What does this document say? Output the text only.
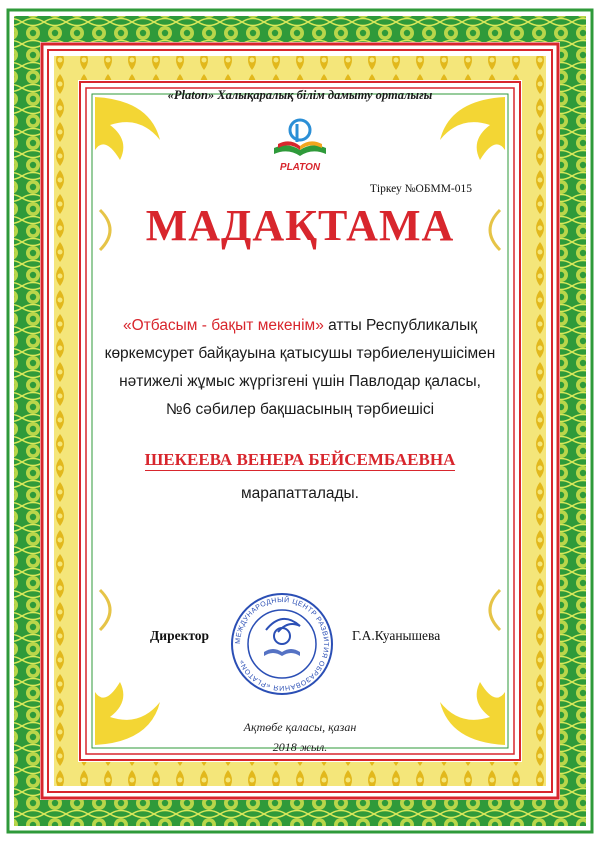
«Platon» Халықаралық білім дамыту орталығы
PLATON
Тіркеу №ОБММ-015
МАДАҚТАМА
«Отбасым - бақыт мекенім» атты Республикалық
көркемсурет байқауына қатысушы тәрбиеленушісімен
нәтижелі жұмыс жүргізгені үшін Павлодар қаласы,
№6 сәбилер бақшасының тәрбиешісі
ШЕКЕЕВА ВЕНЕРА БЕЙСЕМБАЕВНА
марапатталады.
Директор	Г.А.Куанышева
МЕЖДУНАРОДНЫЙ ЦЕНТР РАЗВИТИЯ ОБРАЗОВАНИЯ «PLATON»
Ақтөбе қаласы, қазан
2018 жыл.
